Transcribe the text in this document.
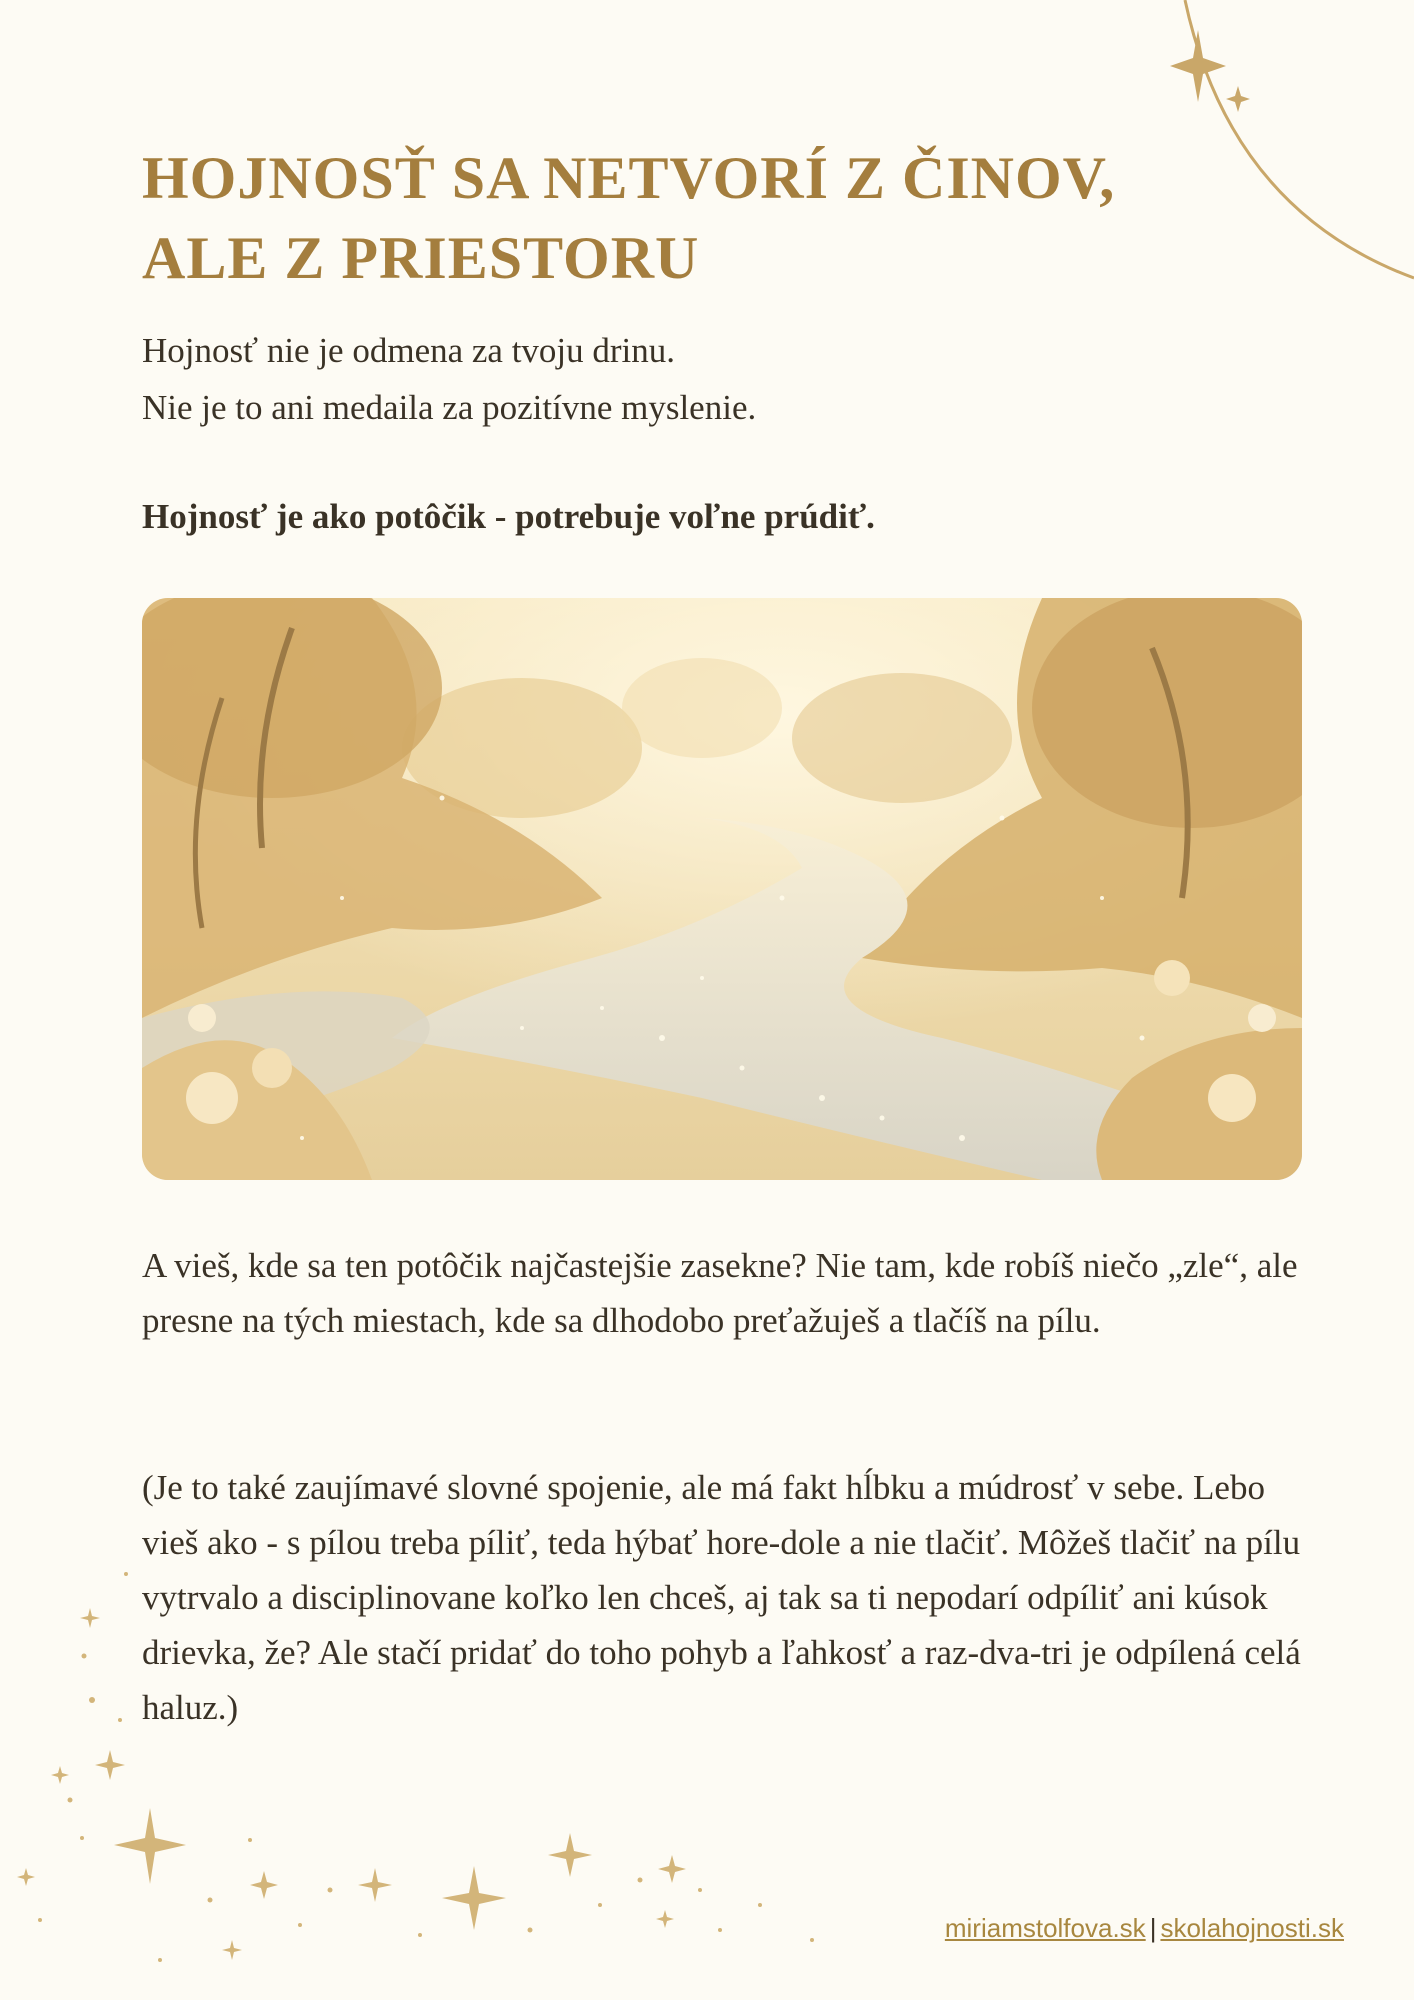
HOJNOSŤ SA NETVORÍ Z ČINOV,
ALE Z PRIESTORU

Hojnosť nie je odmena za tvoju drinu.
Nie je to ani medaila za pozitívne myslenie.

Hojnosť je ako potôčik - potrebuje voľne prúdiť.

A vieš, kde sa ten potôčik najčastejšie zasekne? Nie tam, kde robíš niečo „zle“, ale presne na tých miestach, kde sa dlhodobo preťažuješ a tlačíš na pílu.

(Je to také zaujímavé slovné spojenie, ale má fakt hĺbku a múdrosť v sebe. Lebo vieš ako - s pílou treba píliť, teda hýbať hore-dole a nie tlačiť. Môžeš tlačiť na pílu vytrvalo a disciplinovane koľko len chceš, aj tak sa ti nepodarí odpíliť ani kúsok drievka, že? Ale stačí pridať do toho pohyb a ľahkosť a raz-dva-tri je odpílená celá haluz.)

miriamstolfova.sk | skolahojnosti.sk
